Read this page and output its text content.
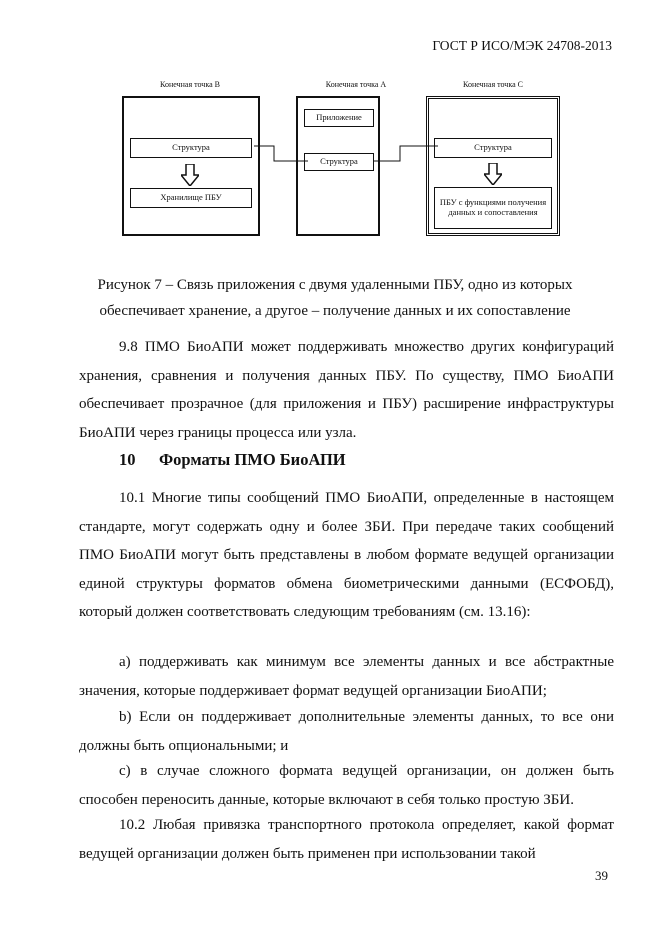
ГОСТ Р ИСО/МЭК 24708-2013
Конечная точка B
Структура
Хранилище ПБУ
Конечная точка A
Приложение
Структура
Конечная точка C
Структура
ПБУ с функциями получения данных и сопоставления
Рисунок 7 – Связь приложения с двумя удаленными ПБУ, одно из которых обеспечивает хранение, а другое – получение данных и их сопоставление
9.8 ПМО БиоАПИ может поддерживать множество других конфигураций хранения, сравнения и получения данных ПБУ. По существу, ПМО БиоАПИ обеспечивает прозрачное (для приложения и ПБУ) расширение инфраструктуры БиоАПИ через границы процесса или узла.
10 Форматы ПМО БиоАПИ
10.1 Многие типы сообщений ПМО БиоАПИ, определенные в настоящем стандарте, могут содержать одну и более ЗБИ. При передаче таких сообщений ПМО БиоАПИ могут быть представлены в любом формате ведущей организации единой структуры форматов обмена биометрическими данными (ЕСФОБД), который должен соответствовать следующим требованиям (см. 13.16):
a) поддерживать как минимум все элементы данных и все абстрактные значения, которые поддерживает формат ведущей организации БиоАПИ;
b) Если он поддерживает дополнительные элементы данных, то все они должны быть опциональными; и
c) в случае сложного формата ведущей организации, он должен быть способен переносить данные, которые включают в себя только простую ЗБИ.
10.2 Любая привязка транспортного протокола определяет, какой формат ведущей организации должен быть применен при использовании такой
39
